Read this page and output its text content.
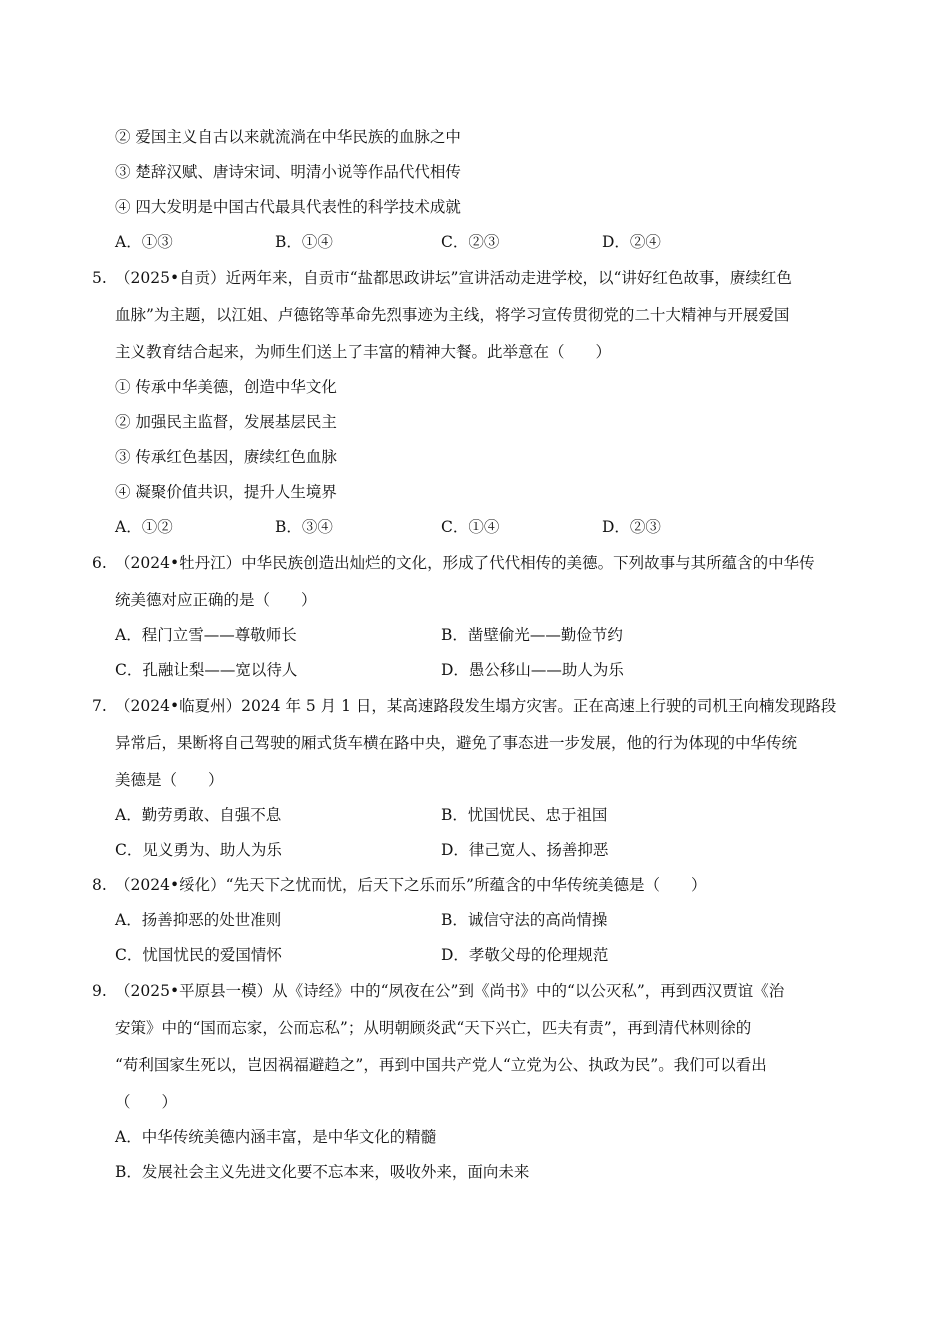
② 爱国主义自古以来就流淌在中华民族的血脉之中
③ 楚辞汉赋、唐诗宋词、明清小说等作品代代相传
④ 四大发明是中国古代最具代表性的科学技术成就
A．①③	B．①④	C．②③	D．②④
5. （2025•自贡）近两年来，自贡市“盐都思政讲坛”宣讲活动走进学校，以“讲好红色故事，赓续红色
血脉”为主题，以江姐、卢德铭等革命先烈事迹为主线，将学习宣传贯彻党的二十大精神与开展爱国
主义教育结合起来，为师生们送上了丰富的精神大餐。此举意在（　　）
① 传承中华美德，创造中华文化
② 加强民主监督，发展基层民主
③ 传承红色基因，赓续红色血脉
④ 凝聚价值共识，提升人生境界
A．①②	B．③④	C．①④	D．②③
6. （2024•牡丹江）中华民族创造出灿烂的文化，形成了代代相传的美德。下列故事与其所蕴含的中华传
统美德对应正确的是（　　）
A．程门立雪——尊敬师长	B．凿壁偷光——勤俭节约
C．孔融让梨——宽以待人	D．愚公移山——助人为乐
7. （2024•临夏州）2024 年 5 月 1 日，某高速路段发生塌方灾害。正在高速上行驶的司机王向楠发现路段
异常后，果断将自己驾驶的厢式货车横在路中央，避免了事态进一步发展，他的行为体现的中华传统
美德是（　　）
A．勤劳勇敢、自强不息	B．忧国忧民、忠于祖国
C．见义勇为、助人为乐	D．律己宽人、扬善抑恶
8. （2024•绥化）“先天下之忧而忧，后天下之乐而乐”所蕴含的中华传统美德是（　　）
A．扬善抑恶的处世准则	B．诚信守法的高尚情操
C．忧国忧民的爱国情怀	D．孝敬父母的伦理规范
9. （2025•平原县一模）从《诗经》中的“夙夜在公”到《尚书》中的“以公灭私”，再到西汉贾谊《治
安策》中的“国而忘家，公而忘私”；从明朝顾炎武“天下兴亡，匹夫有责”，再到清代林则徐的
“苟利国家生死以，岂因祸福避趋之”，再到中国共产党人“立党为公、执政为民”。我们可以看出
（　　）
A．中华传统美德内涵丰富，是中华文化的精髓
B．发展社会主义先进文化要不忘本来，吸收外来，面向未来
